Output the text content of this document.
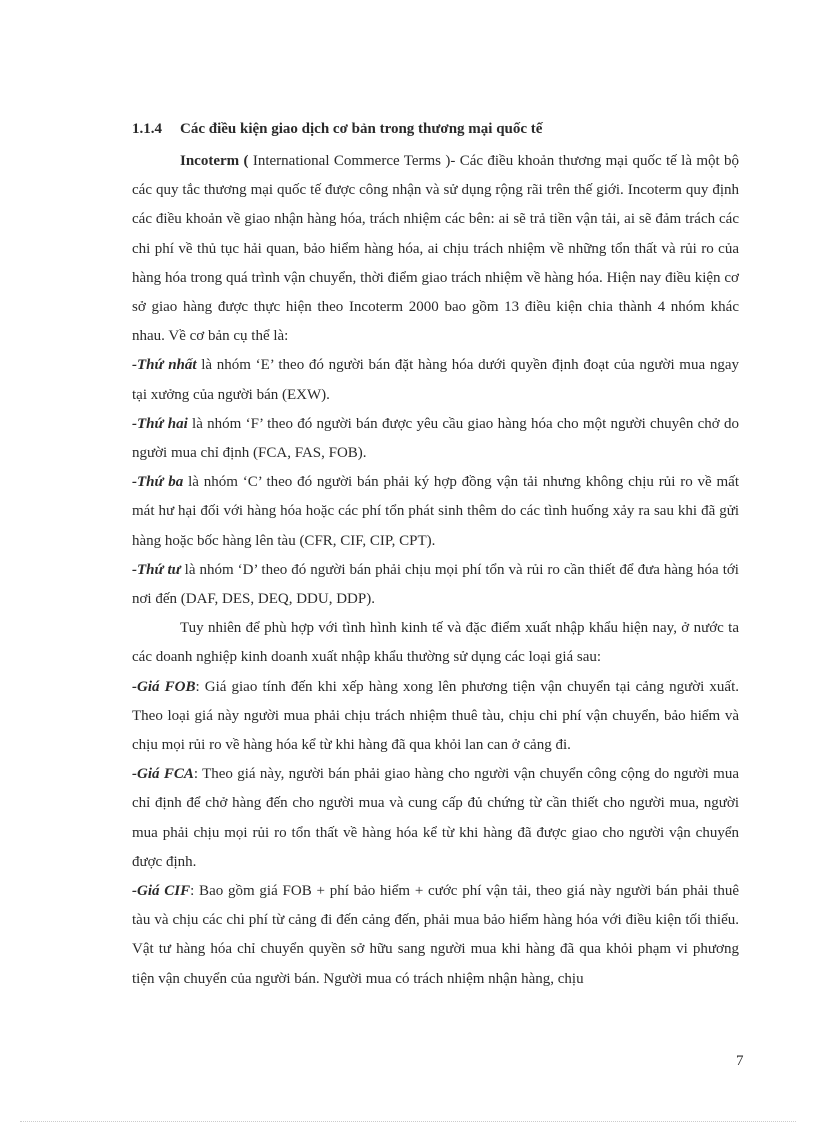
1.1.4 Các điều kiện giao dịch cơ bản trong thương mại quốc tế

Incoterm ( International Commerce Terms )- Các điều khoản thương mại quốc tế là một bộ các quy tắc thương mại quốc tế được công nhận và sử dụng rộng rãi trên thế giới. Incoterm quy định các điều khoản về giao nhận hàng hóa, trách nhiệm các bên: ai sẽ trả tiền vận tải, ai sẽ đảm trách các chi phí về thủ tục hải quan, bảo hiểm hàng hóa, ai chịu trách nhiệm về những tổn thất và rủi ro của hàng hóa trong quá trình vận chuyển, thời điểm giao trách nhiệm về hàng hóa. Hiện nay điều kiện cơ sở giao hàng được thực hiện theo Incoterm 2000 bao gồm 13 điều kiện chia thành 4 nhóm khác nhau. Về cơ bản cụ thể là:

-Thứ nhất là nhóm ‘E’ theo đó người bán đặt hàng hóa dưới quyền định đoạt của người mua ngay tại xưởng của người bán (EXW).

-Thứ hai là nhóm ‘F’ theo đó người bán được yêu cầu giao hàng hóa cho một người chuyên chở do người mua chỉ định (FCA, FAS, FOB).

-Thứ ba là nhóm ‘C’ theo đó người bán phải ký hợp đồng vận tải nhưng không chịu rủi ro về mất mát hư hại đối với hàng hóa hoặc các phí tổn phát sinh thêm do các tình huống xảy ra sau khi đã gửi hàng hoặc bốc hàng lên tàu (CFR, CIF, CIP, CPT).

-Thứ tư là nhóm ‘D’ theo đó người bán phải chịu mọi phí tổn và rủi ro cần thiết để đưa hàng hóa tới nơi đến (DAF, DES, DEQ, DDU, DDP).

Tuy nhiên để phù hợp với tình hình kinh tế và đặc điểm xuất nhập khẩu hiện nay, ở nước ta các doanh nghiệp kinh doanh xuất nhập khẩu thường sử dụng các loại giá sau:

-Giá FOB: Giá giao tính đến khi xếp hàng xong lên phương tiện vận chuyển tại cảng người xuất. Theo loại giá này người mua phải chịu trách nhiệm thuê tàu, chịu chi phí vận chuyển, bảo hiểm và chịu mọi rủi ro về hàng hóa kể từ khi hàng đã qua khỏi lan can ở cảng đi.

-Giá FCA: Theo giá này, người bán phải giao hàng cho người vận chuyển công cộng do người mua chỉ định để chở hàng đến cho người mua và cung cấp đủ chứng từ cần thiết cho người mua, người mua phải chịu mọi rủi ro tổn thất về hàng hóa kể từ khi hàng đã được giao cho người vận chuyển được định.

-Giá CIF: Bao gồm giá FOB + phí bảo hiểm + cước phí vận tải, theo giá này người bán phải thuê tàu và chịu các chi phí từ cảng đi đến cảng đến, phải mua bảo hiểm hàng hóa với điều kiện tối thiểu. Vật tư hàng hóa chỉ chuyển quyền sở hữu sang người mua khi hàng đã qua khỏi phạm vi phương tiện vận chuyển của người bán. Người mua có trách nhiệm nhận hàng, chịu

7
